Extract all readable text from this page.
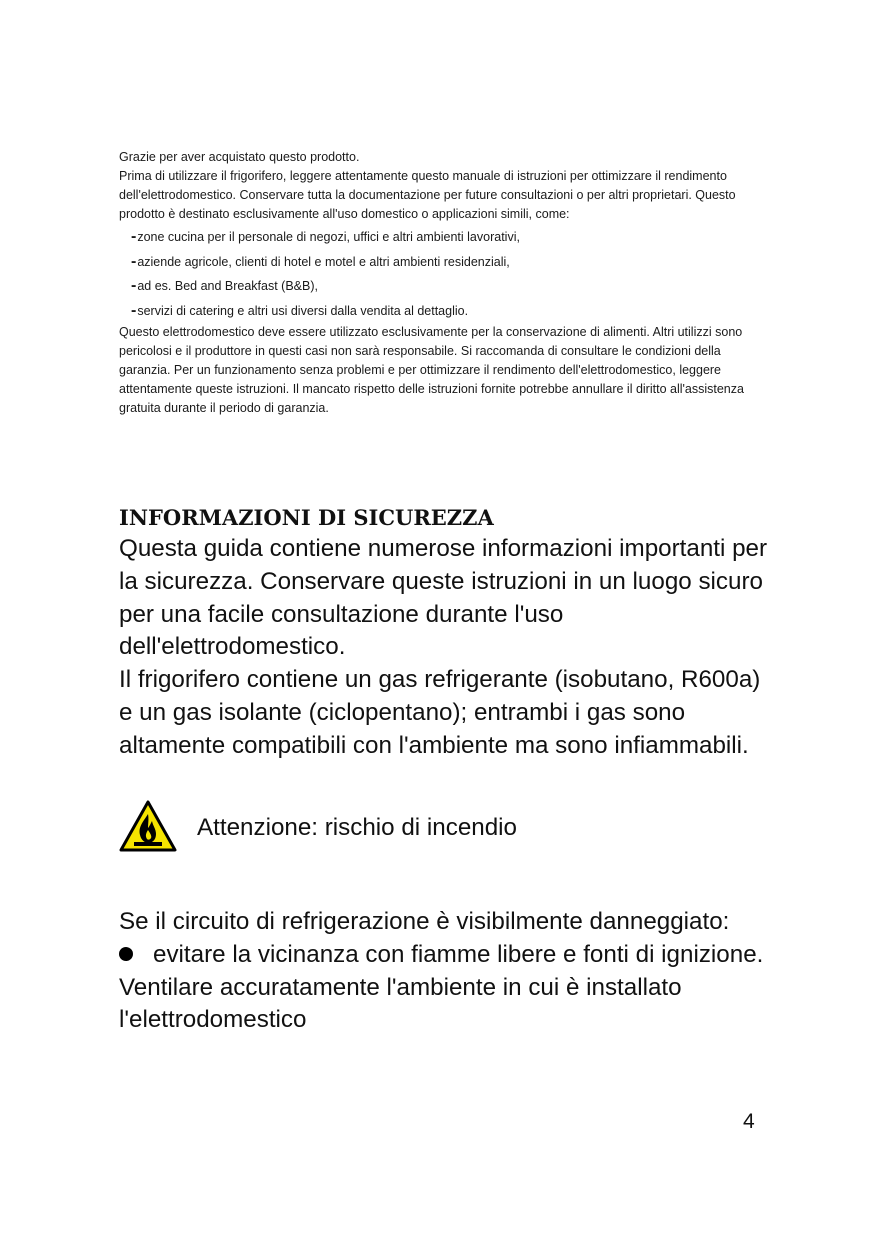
Grazie per aver acquistato questo prodotto.

Prima di utilizzare il frigorifero, leggere attentamente questo manuale di istruzioni per ottimizzare il rendimento dell'elettrodomestico. Conservare tutta la documentazione per future consultazioni o per altri proprietari. Questo prodotto è destinato esclusivamente all'uso domestico o applicazioni simili, come:

-zone cucina per il personale di negozi, uffici e altri ambienti lavorativi,
-aziende agricole, clienti di hotel e motel e altri ambienti residenziali,
-ad es. Bed and Breakfast (B&B),
-servizi di catering e altri usi diversi dalla vendita al dettaglio.

Questo elettrodomestico deve essere utilizzato esclusivamente per la conservazione di alimenti. Altri utilizzi sono pericolosi e il produttore in questi casi non sarà responsabile. Si raccomanda di consultare le condizioni della garanzia. Per un funzionamento senza problemi e per ottimizzare il rendimento dell'elettrodomestico, leggere attentamente queste istruzioni. Il mancato rispetto delle istruzioni fornite potrebbe annullare il diritto all'assistenza gratuita durante il periodo di garanzia.

INFORMAZIONI DI SICUREZZA

Questa guida contiene numerose informazioni importanti per la sicurezza. Conservare queste istruzioni in un luogo sicuro per una facile consultazione durante l'uso dell'elettrodomestico.

Il frigorifero contiene un gas refrigerante (isobutano, R600a) e un gas isolante (ciclopentano); entrambi i gas sono altamente compatibili con l'ambiente ma sono infiammabili.

Attenzione: rischio di incendio

Se il circuito di refrigerazione è visibilmente danneggiato:

evitare la vicinanza con fiamme libere e fonti di ignizione.

Ventilare accuratamente l'ambiente in cui è installato l'elettrodomestico

4
